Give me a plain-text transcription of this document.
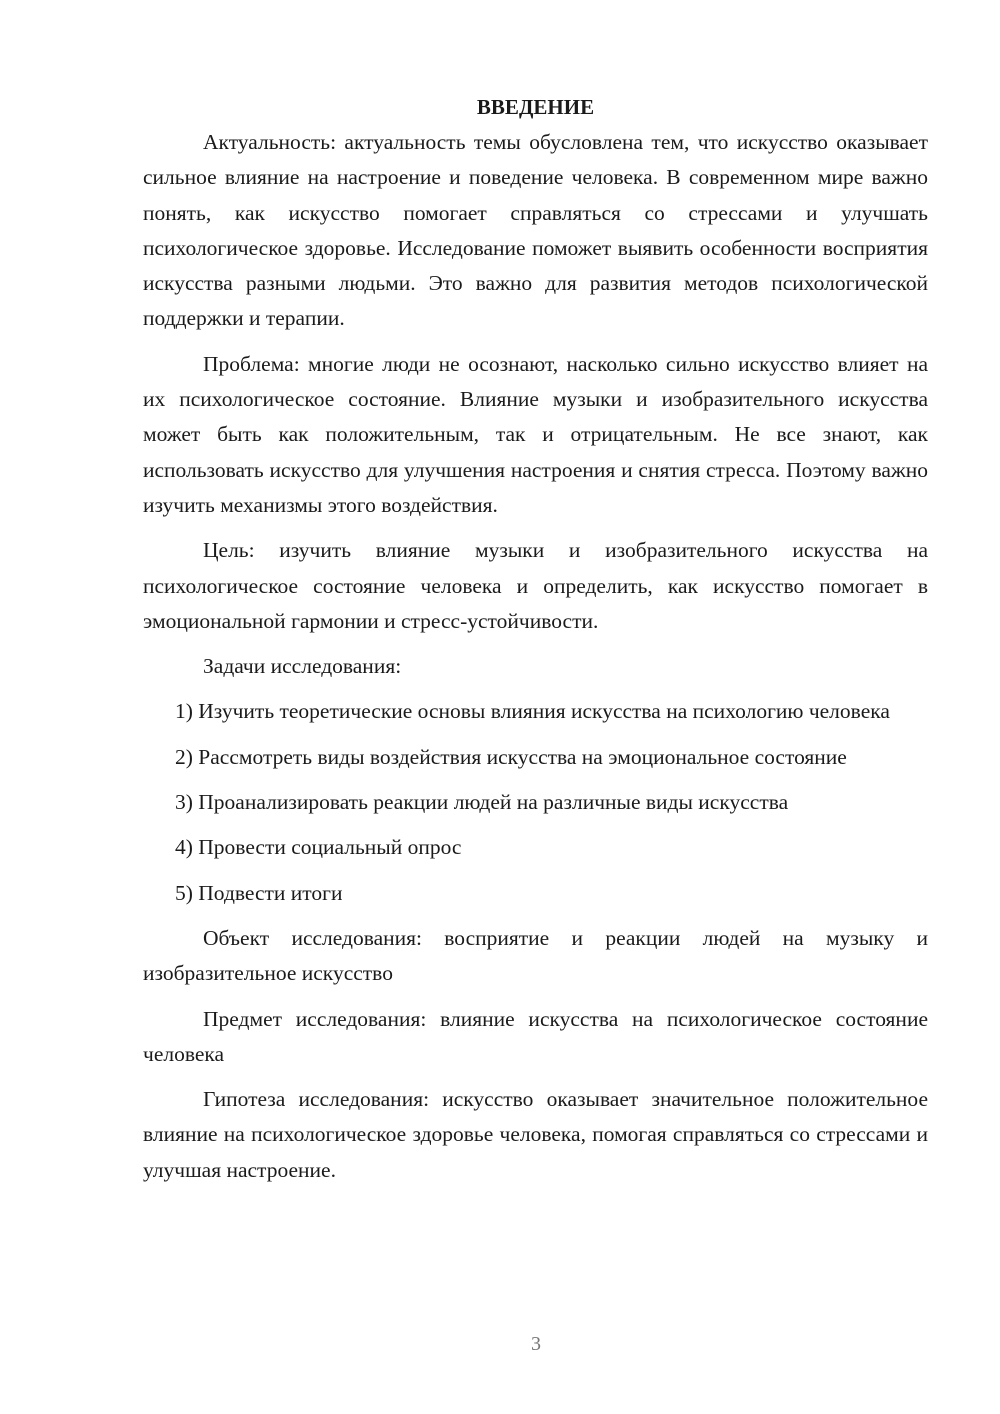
ВВЕДЕНИЕ

Актуальность: актуальность темы обусловлена тем, что искусство оказывает сильное влияние на настроение и поведение человека. В современном мире важно понять, как искусство помогает справляться со стрессами и улучшать психологическое здоровье. Исследование поможет выявить особенности восприятия искусства разными людьми. Это важно для развития методов психологической поддержки и терапии.

Проблема: многие люди не осознают, насколько сильно искусство влияет на их психологическое состояние. Влияние музыки и изобразительного искусства может быть как положительным, так и отрицательным. Не все знают, как использовать искусство для улучшения настроения и снятия стресса. Поэтому важно изучить механизмы этого воздействия.

Цель: изучить влияние музыки и изобразительного искусства на психологическое состояние человека и определить, как искусство помогает в эмоциональной гармонии и стресс-устойчивости.

Задачи исследования:

1) Изучить теоретические основы влияния искусства на психологию человека

2) Рассмотреть виды воздействия искусства на эмоциональное состояние

3) Проанализировать реакции людей на различные виды искусства

4) Провести социальный опрос

5) Подвести итоги

Объект исследования: восприятие и реакции людей на музыку и изобразительное искусство

Предмет исследования: влияние искусства на психологическое состояние человека

Гипотеза исследования: искусство оказывает значительное положительное влияние на психологическое здоровье человека, помогая справляться со стрессами и улучшая настроение.

3
